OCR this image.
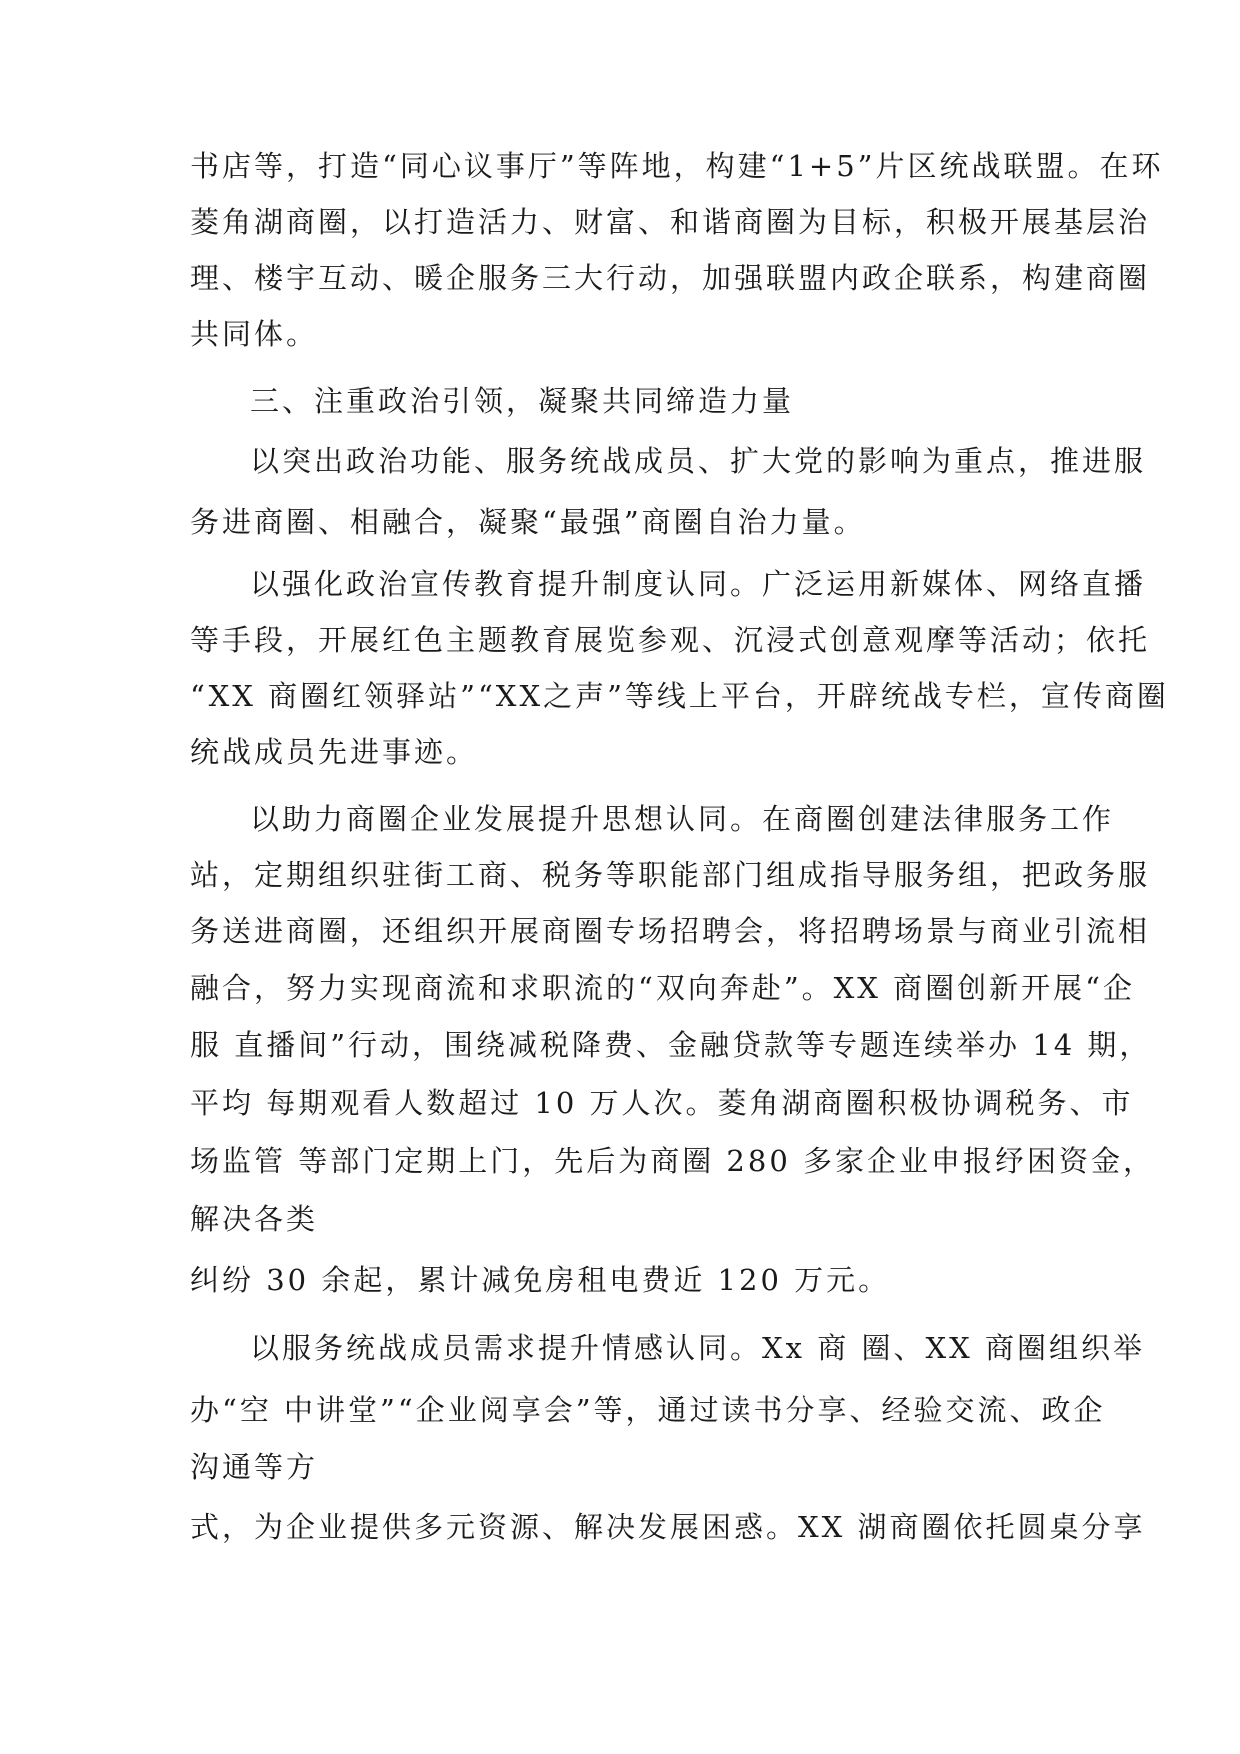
书店等，打造“同心议事厅”等阵地，构建“1+5”片区统战联盟。在环
菱角湖商圈，以打造活力、财富、和谐商圈为目标，积极开展基层治
理、楼宇互动、暖企服务三大行动，加强联盟内政企联系，构建商圈
共同体。
三、注重政治引领，凝聚共同缔造力量
以突出政治功能、服务统战成员、扩大党的影响为重点，推进服
务进商圈、相融合，凝聚“最强”商圈自治力量。
以强化政治宣传教育提升制度认同。广泛运用新媒体、网络直播
等手段，开展红色主题教育展览参观、沉浸式创意观摩等活动；依托
“XX 商圈红领驿站”“XX之声”等线上平台，开辟统战专栏，宣传商圈
统战成员先进事迹。
以助力商圈企业发展提升思想认同。在商圈创建法律服务工作
站，定期组织驻街工商、税务等职能部门组成指导服务组，把政务服
务送进商圈，还组织开展商圈专场招聘会，将招聘场景与商业引流相
融合，努力实现商流和求职流的“双向奔赴”。XX 商圈创新开展“企
服 直播间”行动，围绕减税降费、金融贷款等专题连续举办 14 期，
平均 每期观看人数超过 10 万人次。菱角湖商圈积极协调税务、市
场监管 等部门定期上门，先后为商圈 280 多家企业申报纾困资金，
解决各类
纠纷 30 余起，累计减免房租电费近 120 万元。
以服务统战成员需求提升情感认同。Xx 商 圈、XX 商圈组织举
办“空 中讲堂”“企业阅享会”等，通过读书分享、经验交流、政企
沟通等方
式，为企业提供多元资源、解决发展困惑。XX 湖商圈依托圆桌分享
